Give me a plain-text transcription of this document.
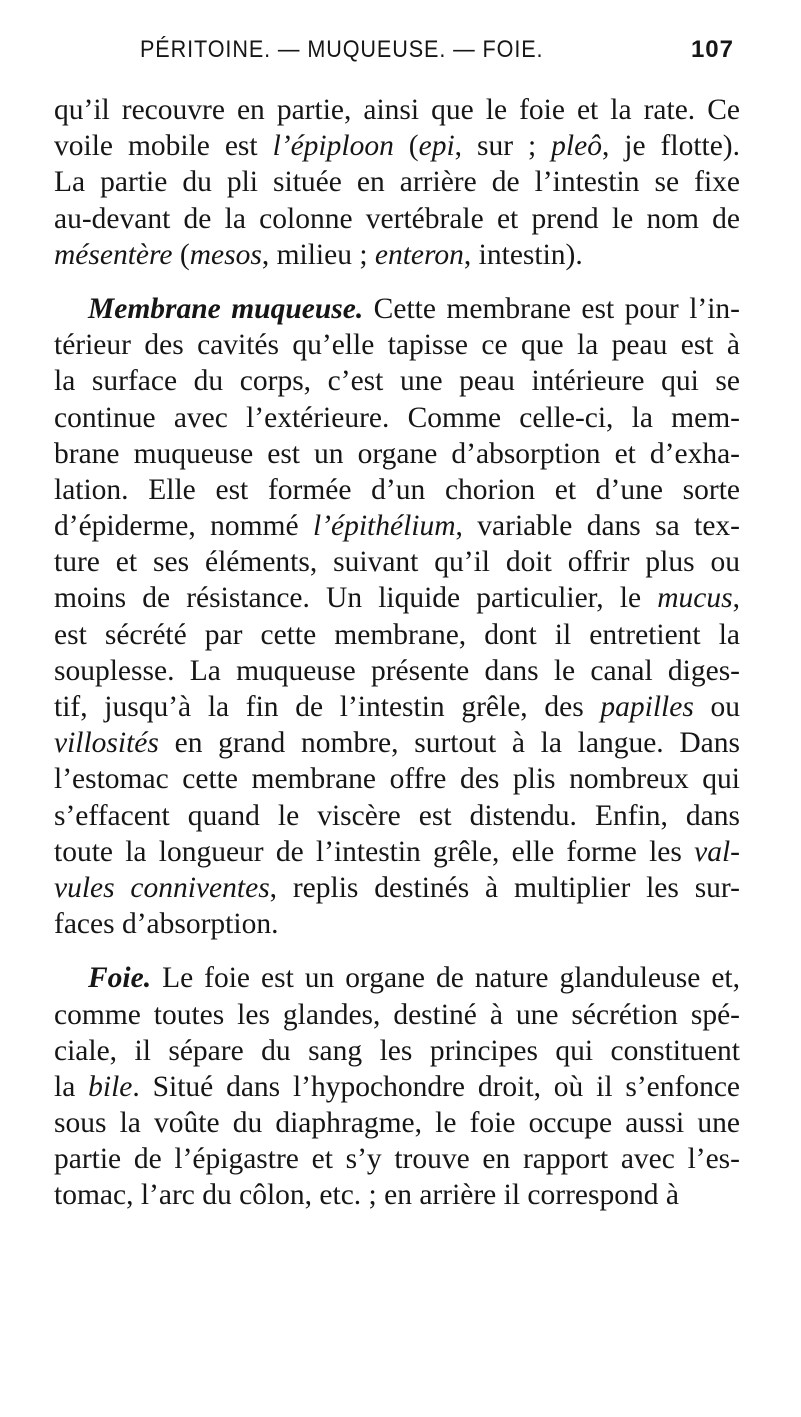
PÉRITOINE. — MUQUEUSE. — FOIE.	107
qu’il recouvre en partie, ainsi que le foie et la rate. Ce
voile mobile est l’épiploon (epi, sur ; pleô, je flotte).
La partie du pli située en arrière de l’intestin se fixe
au-devant de la colonne vertébrale et prend le nom de
mésentère (mesos, milieu ; enteron, intestin).
Membrane muqueuse. Cette membrane est pour l’in-
térieur des cavités qu’elle tapisse ce que la peau est à
la surface du corps, c’est une peau intérieure qui se
continue avec l’extérieure. Comme celle-ci, la mem-
brane muqueuse est un organe d’absorption et d’exha-
lation. Elle est formée d’un chorion et d’une sorte
d’épiderme, nommé l’épithélium, variable dans sa tex-
ture et ses éléments, suivant qu’il doit offrir plus ou
moins de résistance. Un liquide particulier, le mucus,
est sécrété par cette membrane, dont il entretient la
souplesse. La muqueuse présente dans le canal diges-
tif, jusqu’à la fin de l’intestin grêle, des papilles ou
villosités en grand nombre, surtout à la langue. Dans
l’estomac cette membrane offre des plis nombreux qui
s’effacent quand le viscère est distendu. Enfin, dans
toute la longueur de l’intestin grêle, elle forme les val-
vules conniventes, replis destinés à multiplier les sur-
faces d’absorption.
Foie. Le foie est un organe de nature glanduleuse et,
comme toutes les glandes, destiné à une sécrétion spé-
ciale, il sépare du sang les principes qui constituent
la bile. Situé dans l’hypochondre droit, où il s’enfonce
sous la voûte du diaphragme, le foie occupe aussi une
partie de l’épigastre et s’y trouve en rapport avec l’es-
tomac, l’arc du côlon, etc. ; en arrière il correspond à
